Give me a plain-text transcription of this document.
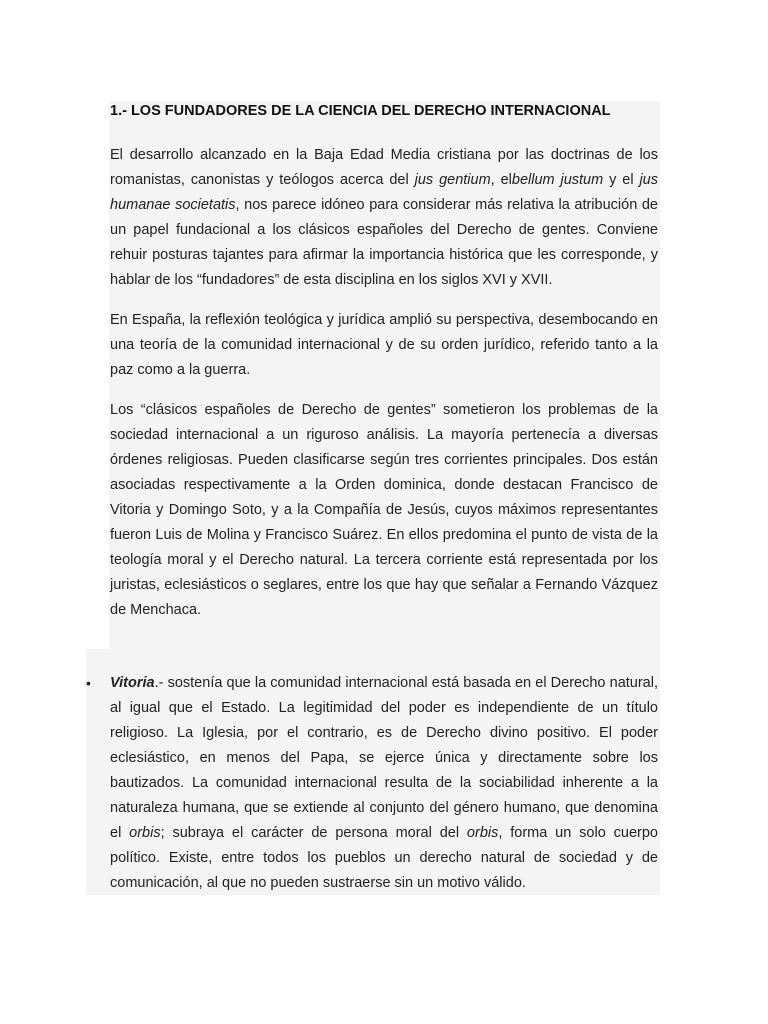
1.- LOS FUNDADORES DE LA CIENCIA DEL DERECHO INTERNACIONAL

El desarrollo alcanzado en la Baja Edad Media cristiana por las doctrinas de los romanistas, canonistas y teólogos acerca del jus gentium, elbellum justum y el jus humanae societatis, nos parece idóneo para considerar más relativa la atribución de un papel fundacional a los clásicos españoles del Derecho de gentes. Conviene rehuir posturas tajantes para afirmar la importancia histórica que les corresponde, y hablar de los “fundadores” de esta disciplina en los siglos XVI y XVII.

En España, la reflexión teológica y jurídica amplió su perspectiva, desembocando en una teoría de la comunidad internacional y de su orden jurídico, referido tanto a la paz como a la guerra.

Los “clásicos españoles de Derecho de gentes” sometieron los problemas de la sociedad internacional a un riguroso análisis. La mayoría pertenecía a diversas órdenes religiosas. Pueden clasificarse según tres corrientes principales. Dos están asociadas respectivamente a la Orden dominica, donde destacan Francisco de Vitoria y Domingo Soto, y a la Compañía de Jesús, cuyos máximos representantes fueron Luis de Molina y Francisco Suárez. En ellos predomina el punto de vista de la teología moral y el Derecho natural. La tercera corriente está representada por los juristas, eclesiásticos o seglares, entre los que hay que señalar a Fernando Vázquez de Menchaca.

• Vitoria.- sostenía que la comunidad internacional está basada en el Derecho natural, al igual que el Estado. La legitimidad del poder es independiente de un título religioso. La Iglesia, por el contrario, es de Derecho divino positivo. El poder eclesiástico, en menos del Papa, se ejerce única y directamente sobre los bautizados. La comunidad internacional resulta de la sociabilidad inherente a la naturaleza humana, que se extiende al conjunto del género humano, que denomina el orbis; subraya el carácter de persona moral del orbis, forma un solo cuerpo político. Existe, entre todos los pueblos un derecho natural de sociedad y de comunicación, al que no pueden sustraerse sin un motivo válido.
